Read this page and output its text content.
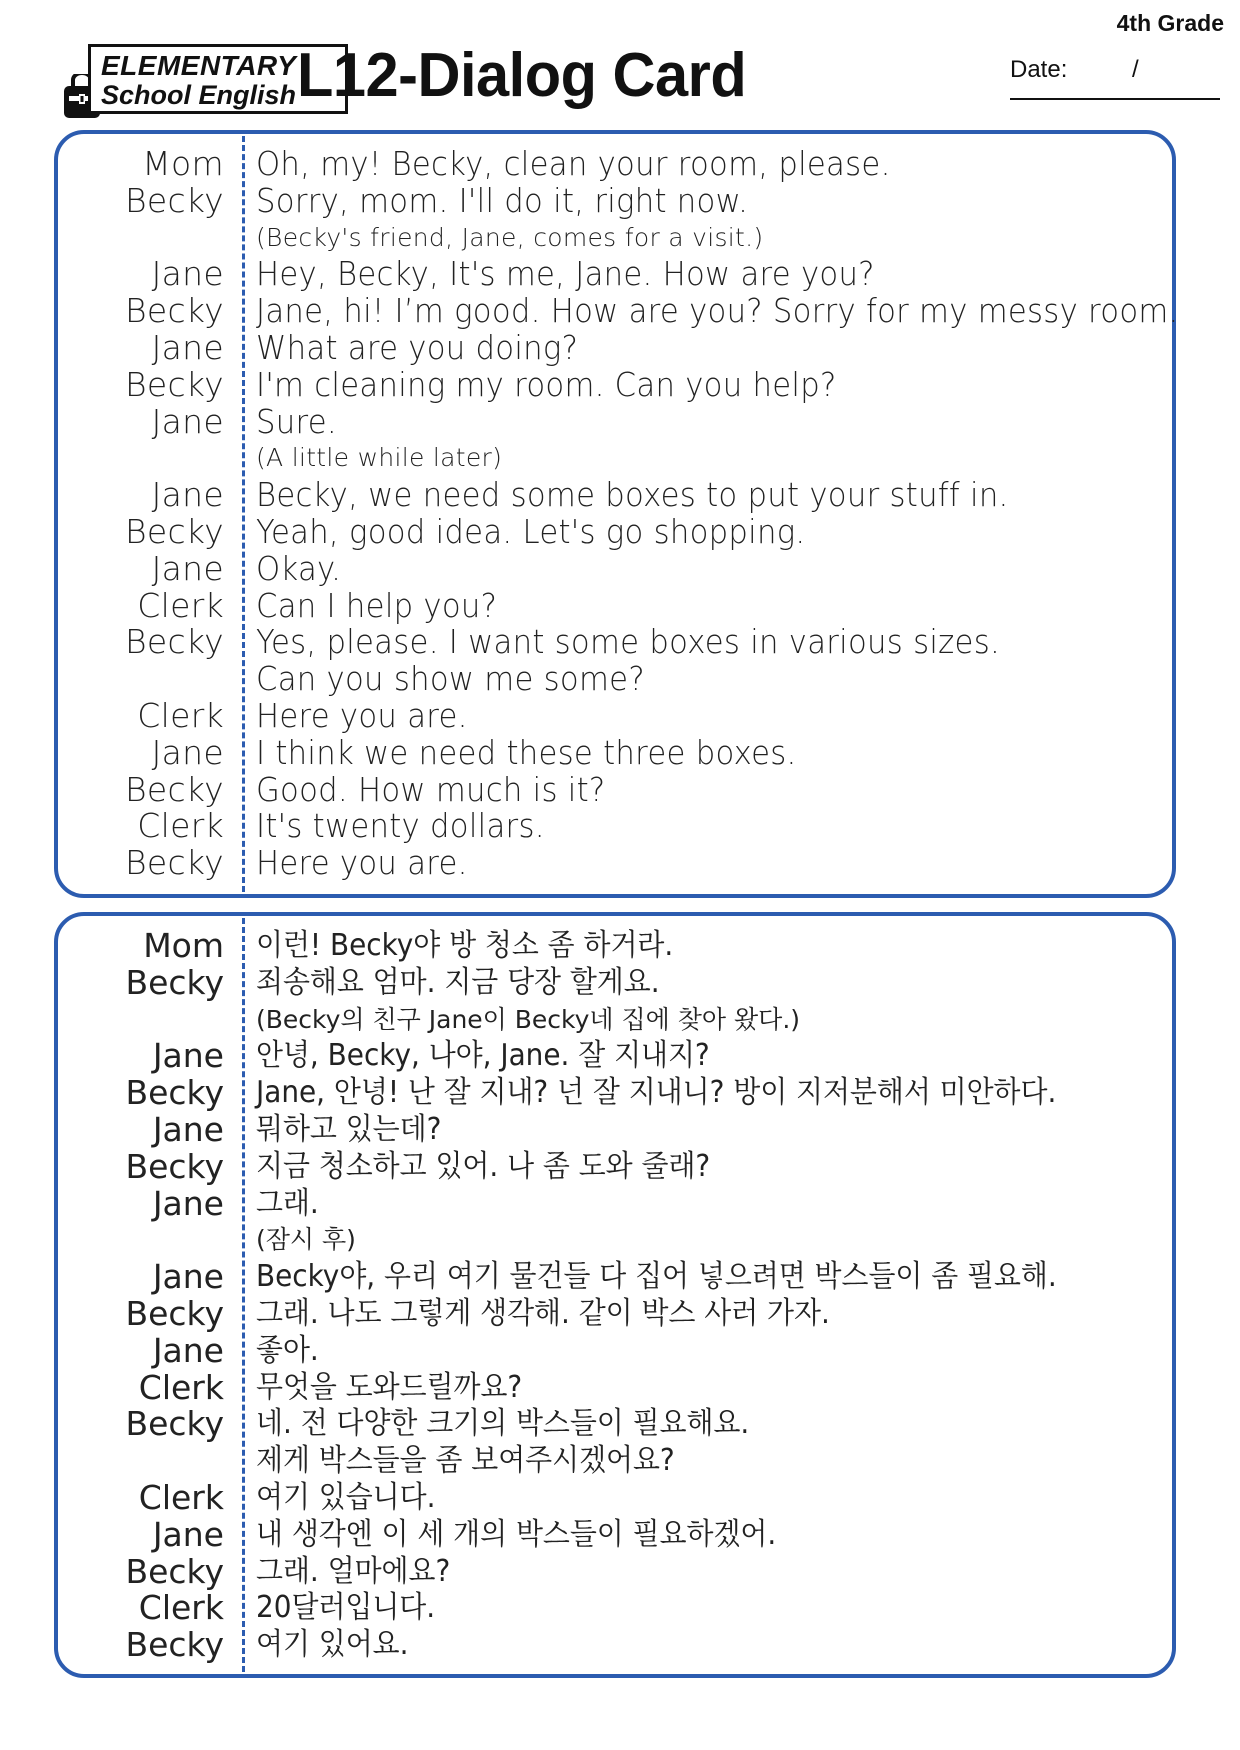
4th Grade
ELEMENTARY
School English L12-Dialog Card	Date:	/
Mom Oh, my! Becky, clean your room, please.
Becky Sorry, mom. I'll do it, right now.
(Becky's friend, Jane, comes for a visit.)
Jane Hey, Becky, It's me, Jane. How are you?
Becky Jane, hi! I’m good. How are you? Sorry for my messy room.
Jane What are you doing?
Becky I'm cleaning my room. Can you help?
Jane Sure.
(A little while later)
Jane Becky, we need some boxes to put your stuff in.
Becky Yeah, good idea. Let's go shopping.
Jane Okay.
Clerk Can I help you?
Becky Yes, please. I want some boxes in various sizes.
Can you show me some?
Clerk Here you are.
Jane I think we need these three boxes.
Becky Good. How much is it?
Clerk It's twenty dollars.
Becky Here you are.
Mom 이런! Becky야 방 청소 좀 하거라.
Becky 죄송해요 엄마. 지금 당장 할게요.
(Becky의 친구 Jane이 Becky네 집에 찾아 왔다.)
Jane 안녕, Becky, 나야, Jane. 잘 지내지?
Becky Jane, 안녕! 난 잘 지내? 넌 잘 지내니? 방이 지저분해서 미안하다.
Jane 뭐하고 있는데?
Becky 지금 청소하고 있어. 나 좀 도와 줄래?
Jane 그래.
(잠시 후)
Jane Becky야, 우리 여기 물건들 다 집어 넣으려면 박스들이 좀 필요해.
Becky 그래. 나도 그렇게 생각해. 같이 박스 사러 가자.
Jane 좋아.
Clerk 무엇을 도와드릴까요?
Becky 네. 전 다양한 크기의 박스들이 필요해요.
제게 박스들을 좀 보여주시겠어요?
Clerk 여기 있습니다.
Jane 내 생각엔 이 세 개의 박스들이 필요하겠어.
Becky 그래. 얼마에요?
Clerk 20달러입니다.
Becky 여기 있어요.
